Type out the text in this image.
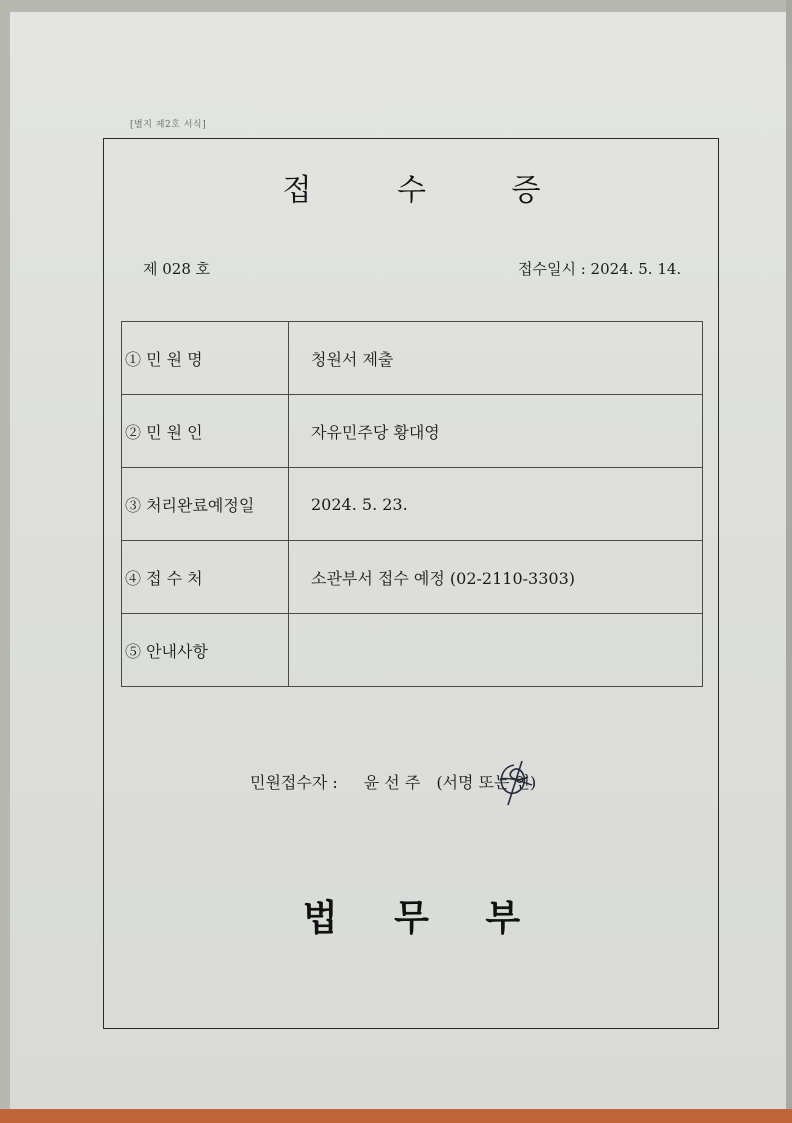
[별지 제2호 서식]
접 수 증
제 028 호	접수일시 : 2024. 5. 14.
① 민 원 명	청원서 제출
② 민 원 인	자유민주당 황대영
③ 처리완료예정일	2024. 5. 23.
④ 접 수 처	소관부서 접수 예정 (02-2110-3303)
⑤ 안내사항	
민원접수자 : 윤 선 주 (서명 또는 인)
법 무 부
